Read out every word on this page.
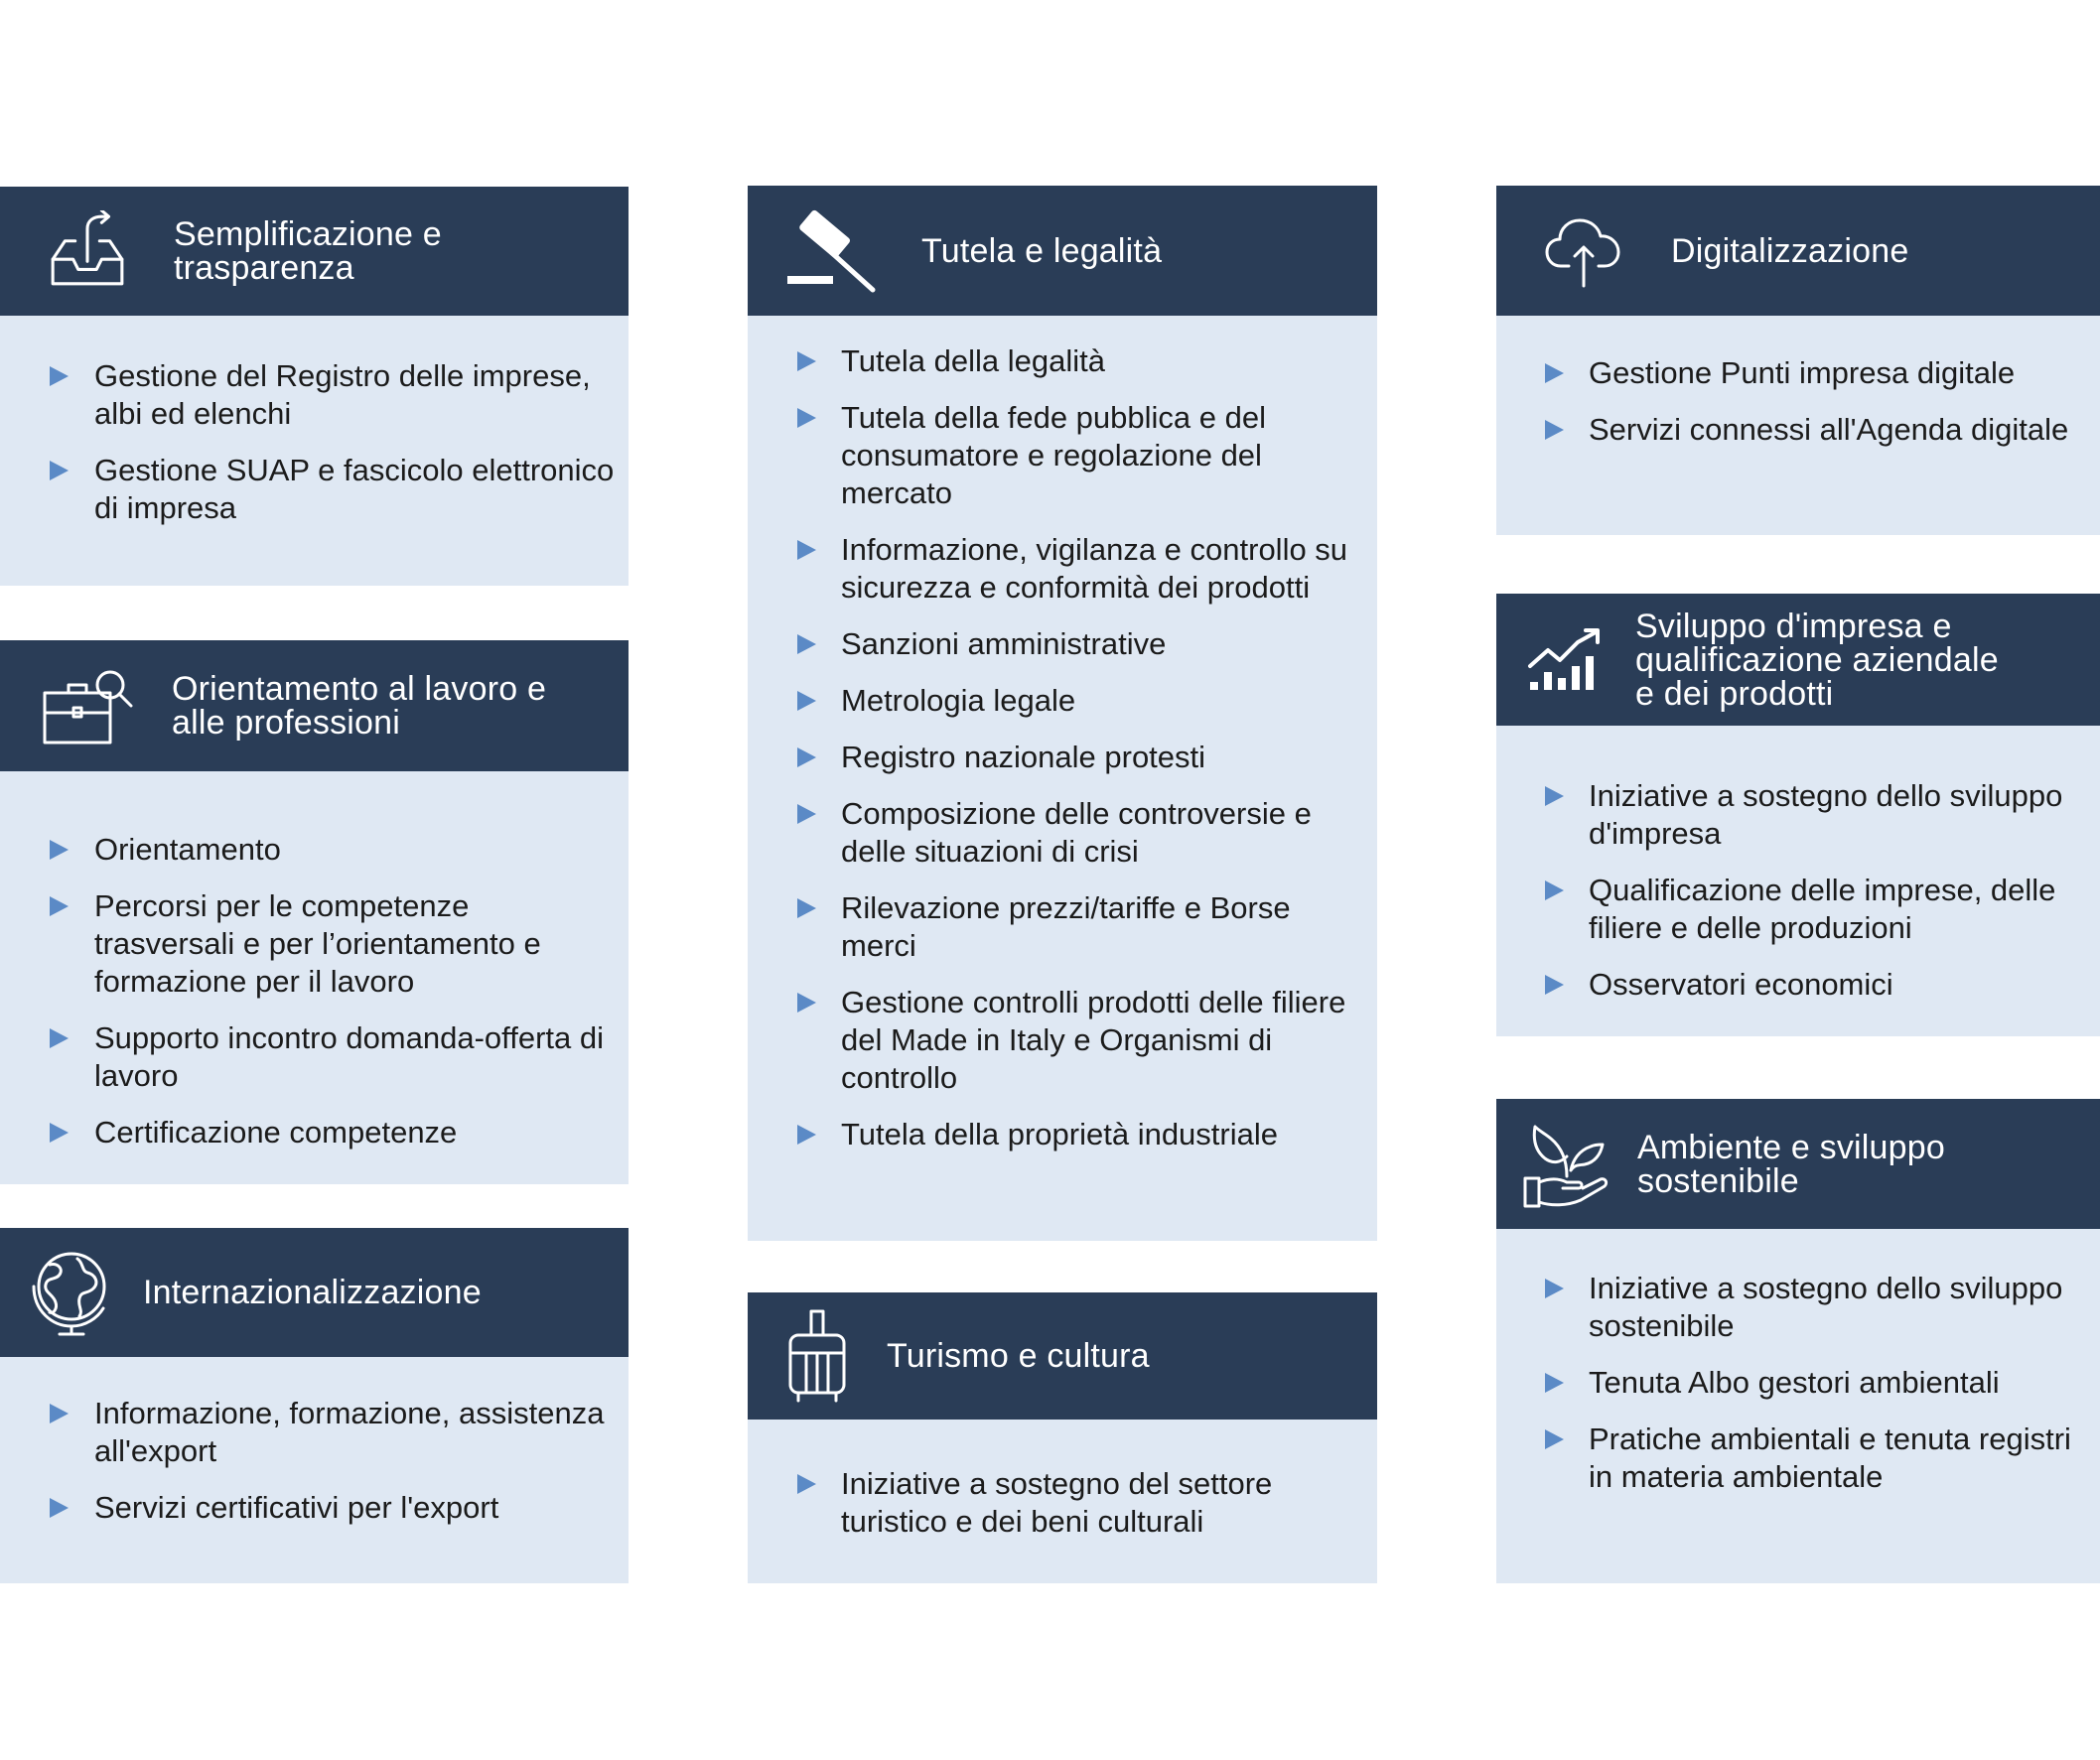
Semplificazione e
trasparenza
Gestione del Registro delle imprese, albi ed elenchi
Gestione SUAP e fascicolo elettronico di impresa
Orientamento al lavoro e
alle professioni
Orientamento
Percorsi per le competenze trasversali e per l’orientamento e formazione per il lavoro
Supporto incontro domanda-offerta di lavoro
Certificazione competenze
Internazionalizzazione
Informazione, formazione, assistenza all'export
Servizi certificativi per l'export
Tutela e legalità
Tutela della legalità
Tutela della fede pubblica e del consumatore e regolazione del mercato
Informazione, vigilanza e controllo su sicurezza e conformità dei prodotti
Sanzioni amministrative
Metrologia legale
Registro nazionale protesti
Composizione delle controversie e delle situazioni di crisi
Rilevazione prezzi/tariffe e Borse merci
Gestione controlli prodotti delle filiere del Made in Italy e Organismi di controllo
Tutela della proprietà industriale
Turismo e cultura
Iniziative a sostegno del settore turistico e dei beni culturali
Digitalizzazione
Gestione Punti impresa digitale
Servizi connessi all'Agenda digitale
Sviluppo d'impresa e
qualificazione aziendale
e dei prodotti
Iniziative a sostegno dello sviluppo d'impresa
Qualificazione delle imprese, delle filiere e delle produzioni
Osservatori economici
Ambiente e sviluppo
sostenibile
Iniziative a sostegno dello sviluppo sostenibile
Tenuta Albo gestori ambientali
Pratiche ambientali e tenuta registri in materia ambientale
